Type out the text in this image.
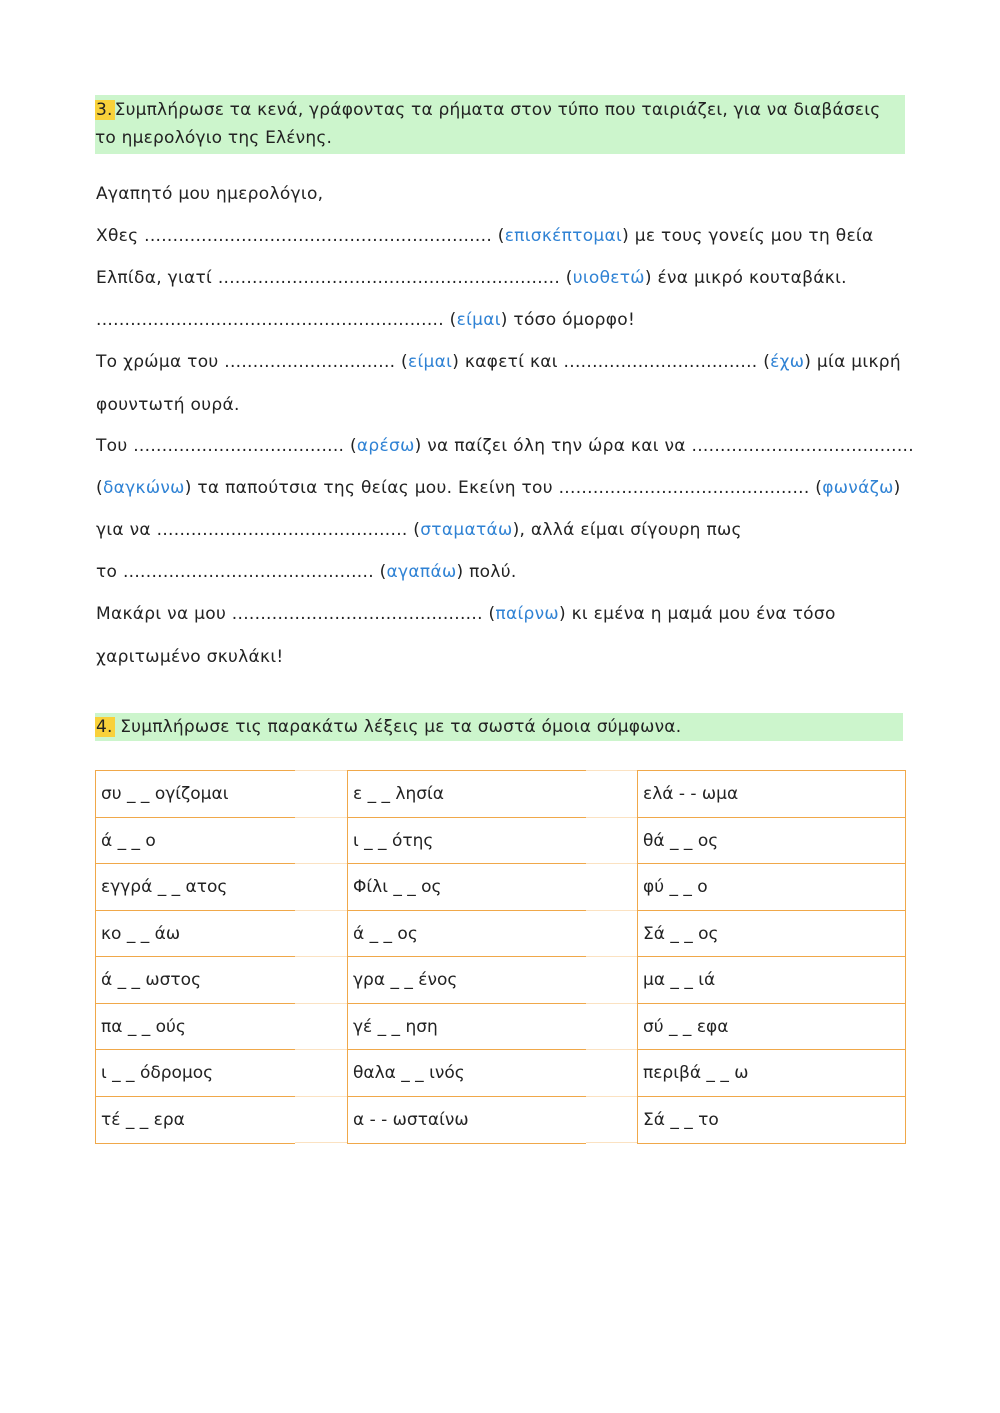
3. Συμπλήρωσε τα κενά, γράφοντας τα ρήματα στον τύπο που ταιριάζει, για να διαβάσεις το ημερολόγιο της Ελένης.
Αγαπητό μου ημερολόγιο,
Χθες ............................................................. (επισκέπτομαι) με τους γονείς μου τη θεία
Ελπίδα, γιατί ............................................................ (υιοθετώ) ένα μικρό κουταβάκι.
............................................................. (είμαι) τόσο όμορφο!
Το χρώμα του .............................. (είμαι) καφετί και .................................. (έχω) μία μικρή
φουντωτή ουρά.
Του ..................................... (αρέσω) να παίζει όλη την ώρα και να .......................................
(δαγκώνω) τα παπούτσια της θείας μου. Εκείνη του ............................................ (φωνάζω)
για να ............................................ (σταματάω), αλλά είμαι σίγουρη πως
το ............................................ (αγαπάω) πολύ.
Μακάρι να μου ............................................ (παίρνω) κι εμένα η μαμά μου ένα τόσο
χαριτωμένο σκυλάκι!
4. Συμπλήρωσε τις παρακάτω λέξεις με τα σωστά όμοια σύμφωνα.
συ _ _ ογίζομαι
ά _ _ ο
εγγρά _ _ ατος
κο _ _ άω
ά _ _ ωστος
πα _ _ ούς
ι _ _ όδρομος
τέ _ _ ερα
ε _ _ λησία
ι _ _ ότης
Φίλι _ _ ος
ά _ _ ος
γρα _ _ ένος
γέ _ _ ηση
θαλα _ _ ινός
α - - ωσταίνω
ελά - - ωμα
θά _ _ ος
φύ _ _ ο
Σά _ _ ος
μα _ _ ιά
σύ _ _ εφα
περιβά _ _ ω
Σά _ _ το
